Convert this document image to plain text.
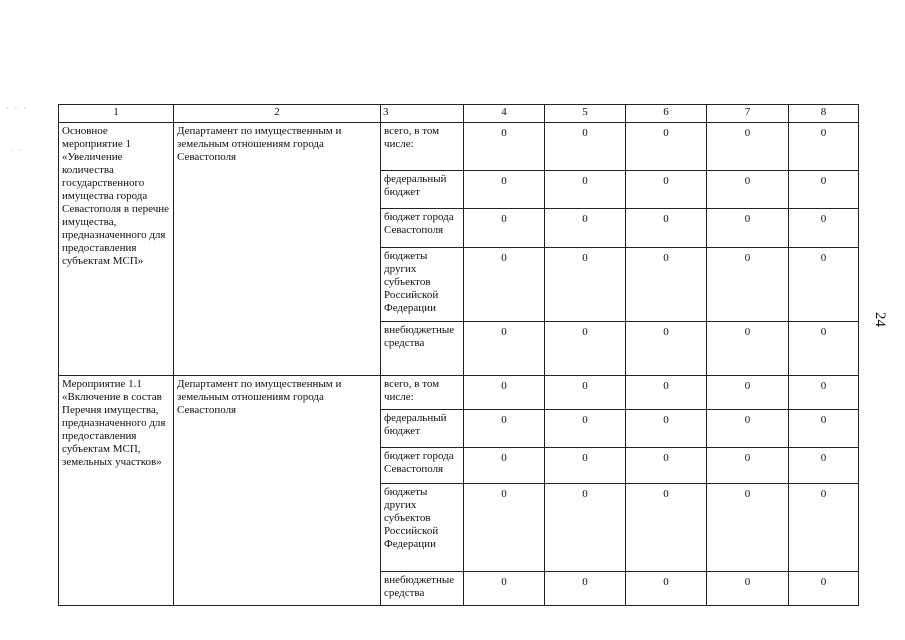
· · ·
· ·
1	2	3	4	5	6	7	8
Основное мероприятие 1 «Увеличение количества государственного имущества города Севастополя в перечне имущества, предназначенного для предоставления субъектам МСП»	Департамент по имущественным и земельным отношениям города Севастополя	всего, в том числе:	0	0	0	0	0
		федеральный бюджет	0	0	0	0	0
		бюджет города Севастополя	0	0	0	0	0
		бюджеты других субъектов Российской Федерации	0	0	0	0	0
		внебюджетные средства	0	0	0	0	0
Мероприятие 1.1 «Включение в состав Перечня имущества, предназначенного для предоставления субъектам МСП, земельных участков»	Департамент по имущественным и земельным отношениям города Севастополя	всего, в том числе:	0	0	0	0	0
		федеральный бюджет	0	0	0	0	0
		бюджет города Севастополя	0	0	0	0	0
		бюджеты других субъектов Российской Федерации	0	0	0	0	0
		внебюджетные средства	0	0	0	0	0
24
